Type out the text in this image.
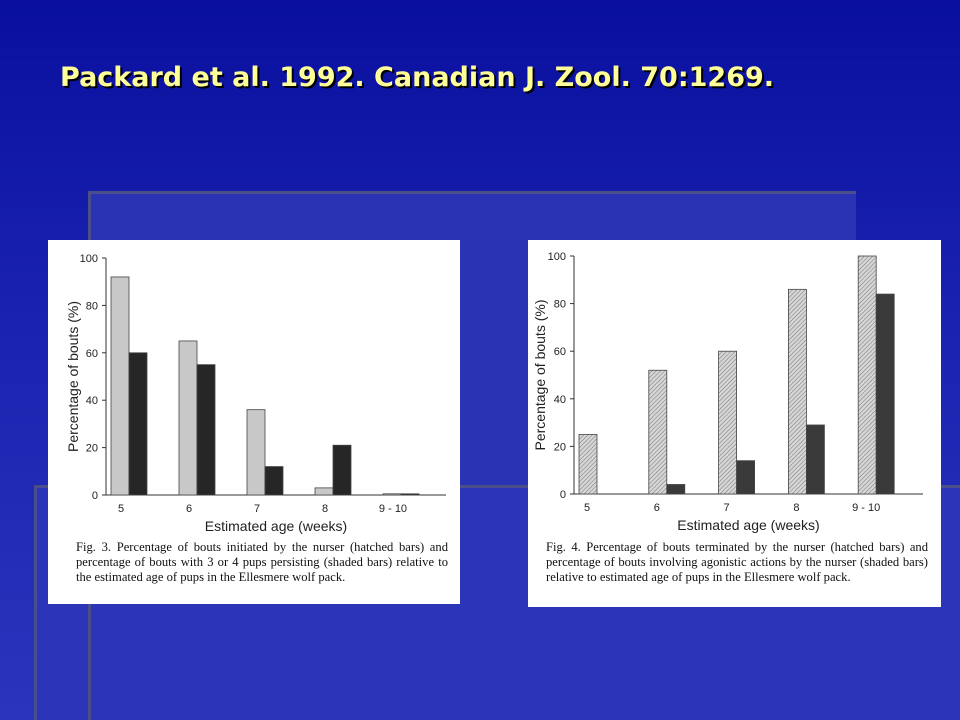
Packard et al. 1992. Canadian J. Zool. 70:1269.
0
20
40
60
80
100
5	6	7	8	9 - 10
Estimated age (weeks)
Percentage of bouts (%)
Fig. 3. Percentage of bouts initiated by the nurser (hatched bars) and percentage of bouts with 3 or 4 pups persisting (shaded bars) relative to the estimated age of pups in the Ellesmere wolf pack.
0
20
40
60
80
100
5	6	7	8	9 - 10
Estimated age (weeks)
Percentage of bouts (%)
Fig. 4. Percentage of bouts terminated by the nurser (hatched bars) and percentage of bouts involving agonistic actions by the nurser (shaded bars) relative to estimated age of pups in the Ellesmere wolf pack.
